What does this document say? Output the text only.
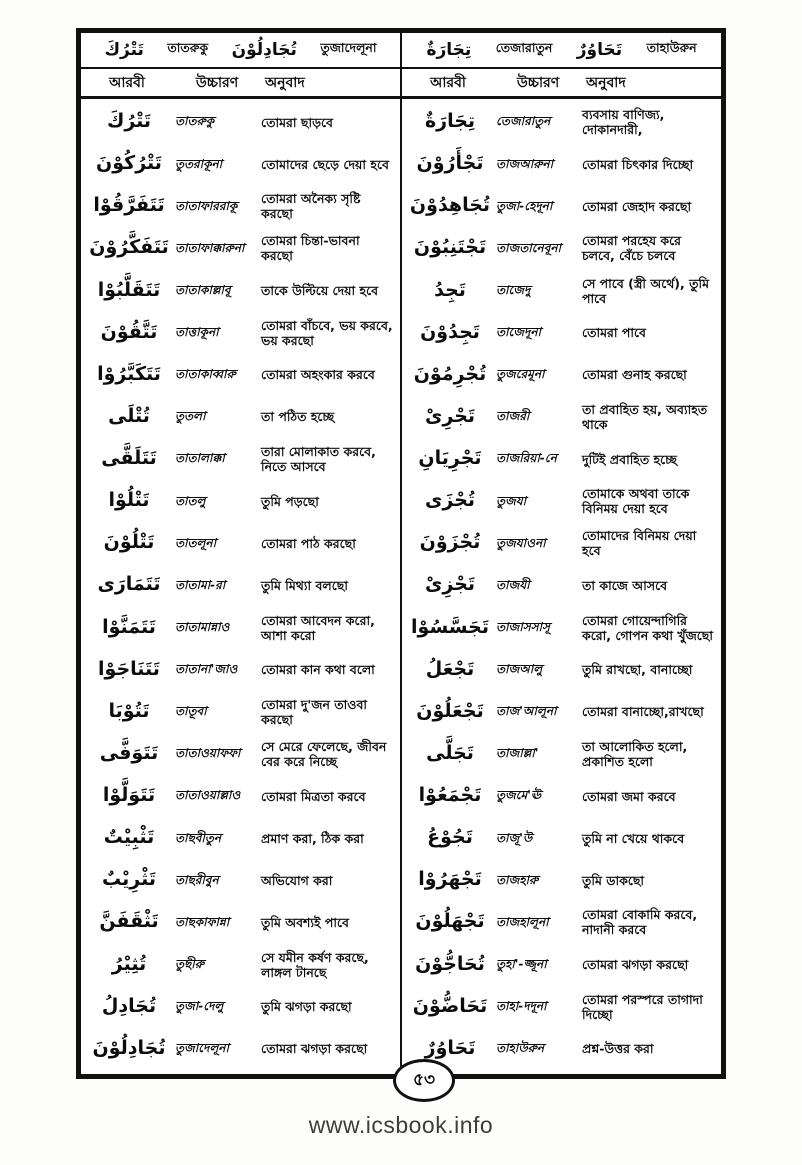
تَتْرُكَ তাতরুকু تُجَادِلُوْنَ তুজাদেলূনা	تِجَارَةٌ তেজারাতুন تَحَاوُرٌ তাহাউরুন
আরবী	উচ্চারণ	অনুবাদ	আরবী	উচ্চারণ	অনুবাদ
تَتْرُكَ	তাতরুকু	তোমরা ছাড়বে
تَتْرُكُوْنَ	তুতরাকূনা	তোমাদের ছেড়ে দেয়া হবে
تَتَفَرَّقُوْا তাতাফাররাকূ	তোমরা অনৈক্য সৃষ্টি করছো
تَتَفَكَّرُوْنَ তাতাফাক্কারুনা	তোমরা চিন্তা-ভাবনা করছো
تَتَقَلَّبُوْا	তাতাকাল্লাবূ	তাকে উল্টিয়ে দেয়া হবে
تَتَّقُوْنَ	তাত্তাকূনা	তোমরা বাঁচবে, ভয় করবে, ভয় করছো
تَتَكَبَّرُوْا	তাতাকাব্বারু	তোমরা অহংকার করবে
تُتْلَى	তুতলা	তা পঠিত হচ্ছে
تَتَلَقَّى	তাতালাক্কা	তারা মোলাকাত করবে, নিতে আসবে
تَتْلُوْا	তাতলু	তুমি পড়ছো
تَتْلُوْنَ	তাতলূনা	তোমরা পাঠ করছো
تَتَمَارَى	তাতামা-রা	তুমি মিথ্যা বলছো
تَتَمَنَّوْا	তাতামান্নাও	তোমরা আবেদন করো, আশা করো
تَتَنَاجَوْا	তাতানা'জাও	তোমরা কান কথা বলো
تَتُوْبَا	তাতূবা	তোমরা দু'জন তাওবা করছো
تَتَوَفَّى	তাতাওয়াফফা	সে মেরে ফেলেছে, জীবন বের করে নিচ্ছে
تَتَوَلَّوْا	তাতাওয়াল্লাও	তোমরা মিত্রতা করবে
تَثْبِيْتٌ	তাছবীতুন	প্রমাণ করা, ঠিক করা
تَثْرِيْبٌ	তাছরীবুন	অভিযোগ করা
تَثْقَفَنَّ	তাছকাফান্না	তুমি অবশ্যই পাবে
تُثِيْرُ	তুছীরু	সে যমীন কর্ষণ করছে, লাঙ্গল টানছে
تُجَادِلُ	তুজা-দেলু	তুমি ঝগড়া করছো
تُجَادِلُوْنَ তুজাদেলূনা	তোমরা ঝগড়া করছো
تِجَارَةٌ	তেজারাতুন	ব্যবসায় বাণিজ্য, দোকানদারী,
تَجْأَرُوْنَ	তাজআরুনা	তোমরা চিৎকার দিচ্ছো
تُجَاهِدُوْنَ তুজা-হেদূনা	তোমরা জেহাদ করছো
تَجْتَنِبُوْنَ তাজতানেবূনা	তোমরা পরহেয করে চলবে, বেঁচে চলবে
تَجِدُ	তাজেদু	সে পাবে (স্ত্রী অর্থে), তুমি পাবে
تَجِدُوْنَ	তাজেদূনা	তোমরা পাবে
تُجْرِمُوْنَ তুজরেমূনা	তোমরা গুনাহ করছো
تَجْرِىْ	তাজরী	তা প্রবাহিত হয়, অব্যাহত থাকে
تَجْرِيَانِ	তাজরিয়া-নে	দুটিই প্রবাহিত হচ্ছে
تُجْزَى	তুজযা	তোমাকে অথবা তাকে বিনিময় দেয়া হবে
تُجْزَوْنَ	তুজযাওনা	তোমাদের বিনিময় দেয়া হবে
تَجْزِىْ	তাজযী	তা কাজে আসবে
تَجَسَّسُوْا তাজাসসাসূ	তোমরা গোয়েন্দাগিরি করো, গোপন কথা খুঁজছো
تَجْعَلُ	তাজআলু	তুমি রাখছো, বানাচ্ছো
تَجْعَلُوْنَ	তাজ'আলূনা	তোমরা বানাচ্ছো,রাখছো
تَجَلَّى	তাজাল্লা'	তা আলোকিত হলো, প্রকাশিত হলো
تَجْمَعُوْا	তুজমে'ঊ	তোমরা জমা করবে
تَجُوْعُ	তাজূ'উ	তুমি না খেয়ে থাকবে
تَجْهَرُوْا	তাজহারু	তুমি ডাকছো
تَجْهَلُوْنَ তাজহালূনা	তোমরা বোকামি করবে, নাদানী করবে
تُحَاجُّوْنَ তুহা'-জ্জূনা	তোমরা ঝগড়া করছো
تَحَاضُّوْنَ তাহা-দদূনা	তোমরা পরস্পরে তাগাদা দিচ্ছো
تَحَاوُرٌ	তাহাউরুন	প্রশ্ন-উত্তর করা
৫৩
www.icsbook.info
